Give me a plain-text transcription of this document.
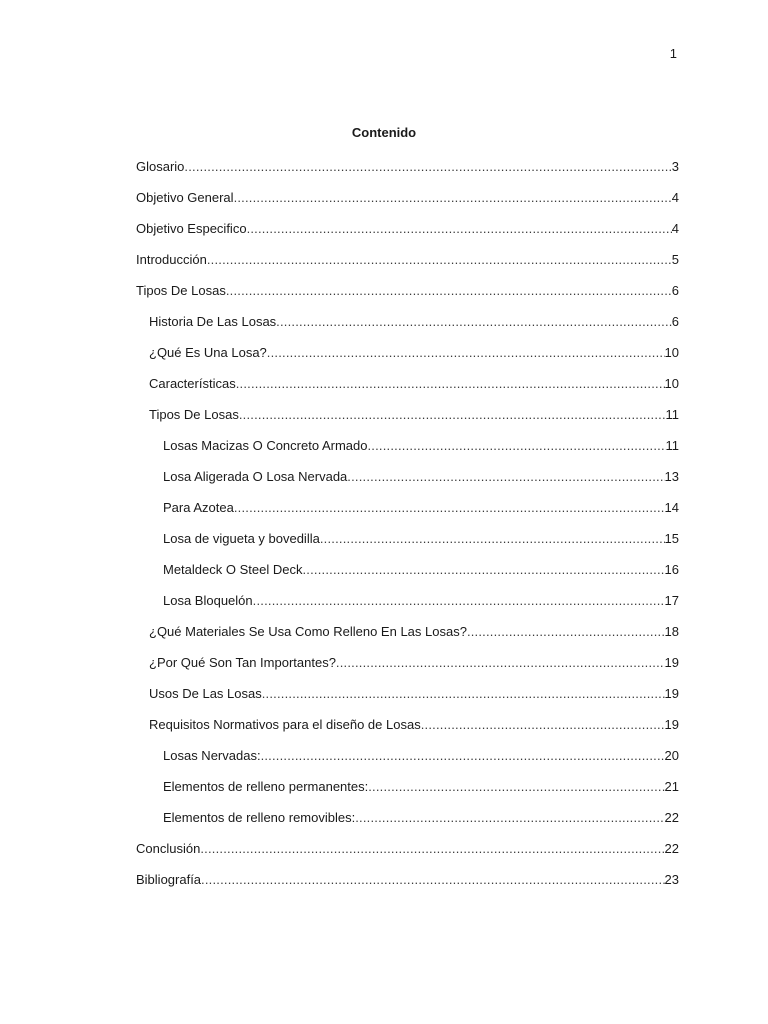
1
Contenido
Glosario .....	3
Objetivo General .....	4
Objetivo Especifico .....	4
Introducción .....	5
Tipos De Losas .....	6
Historia De Las Losas .....	6
¿Qué Es Una Losa? .....	10
Características .....	10
Tipos De Losas .....	11
Losas Macizas O Concreto Armado .....	11
Losa Aligerada O Losa Nervada .....	13
Para Azotea .....	14
Losa de vigueta y bovedilla .....	15
Metaldeck O Steel Deck .....	16
Losa Bloquelón .....	17
¿Qué Materiales Se Usa Como Relleno En Las Losas? .....	18
¿Por Qué Son Tan Importantes? .....	19
Usos De Las Losas .....	19
Requisitos Normativos para el diseño de Losas .....	19
Losas Nervadas: .....	20
Elementos de relleno permanentes: .....	21
Elementos de relleno removibles: .....	22
Conclusión .....	22
Bibliografía .....	23
